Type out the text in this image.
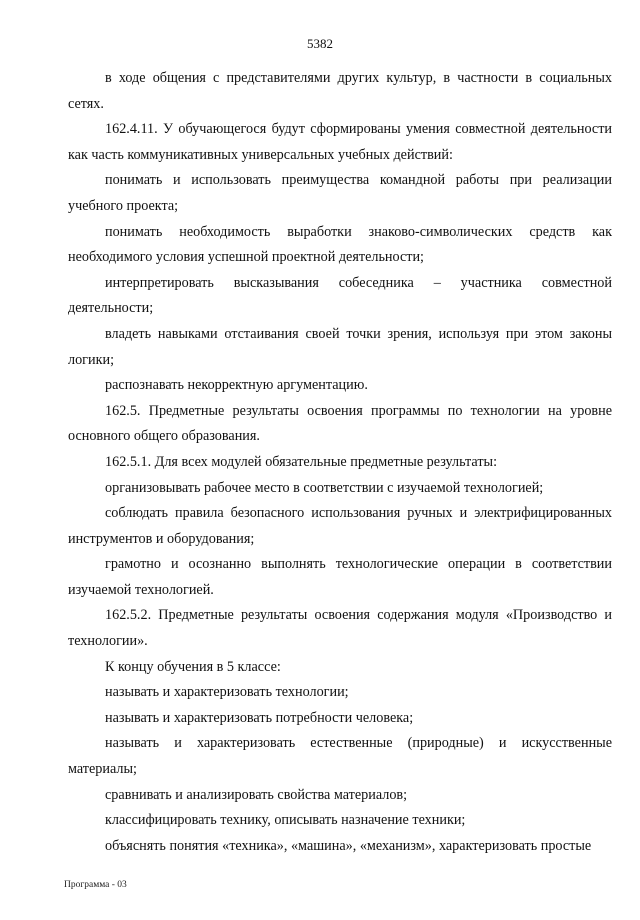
5382

в ходе общения с представителями других культур, в частности в социальных сетях.

162.4.11. У обучающегося будут сформированы умения совместной деятельности как часть коммуникативных универсальных учебных действий:

понимать и использовать преимущества командной работы при реализации учебного проекта;

понимать необходимость выработки знаково-символических средств как необходимого условия успешной проектной деятельности;

интерпретировать высказывания собеседника – участника совместной деятельности;

владеть навыками отстаивания своей точки зрения, используя при этом законы логики;

распознавать некорректную аргументацию.

162.5. Предметные результаты освоения программы по технологии на уровне основного общего образования.

162.5.1. Для всех модулей обязательные предметные результаты:

организовывать рабочее место в соответствии с изучаемой технологией;

соблюдать правила безопасного использования ручных и электрифицированных инструментов и оборудования;

грамотно и осознанно выполнять технологические операции в соответствии изучаемой технологией.

162.5.2. Предметные результаты освоения содержания модуля «Производство и технологии».

К концу обучения в 5 классе:

называть и характеризовать технологии;

называть и характеризовать потребности человека;

называть и характеризовать естественные (природные) и искусственные материалы;

сравнивать и анализировать свойства материалов;

классифицировать технику, описывать назначение техники;

объяснять понятия «техника», «машина», «механизм», характеризовать простые

Программа - 03
